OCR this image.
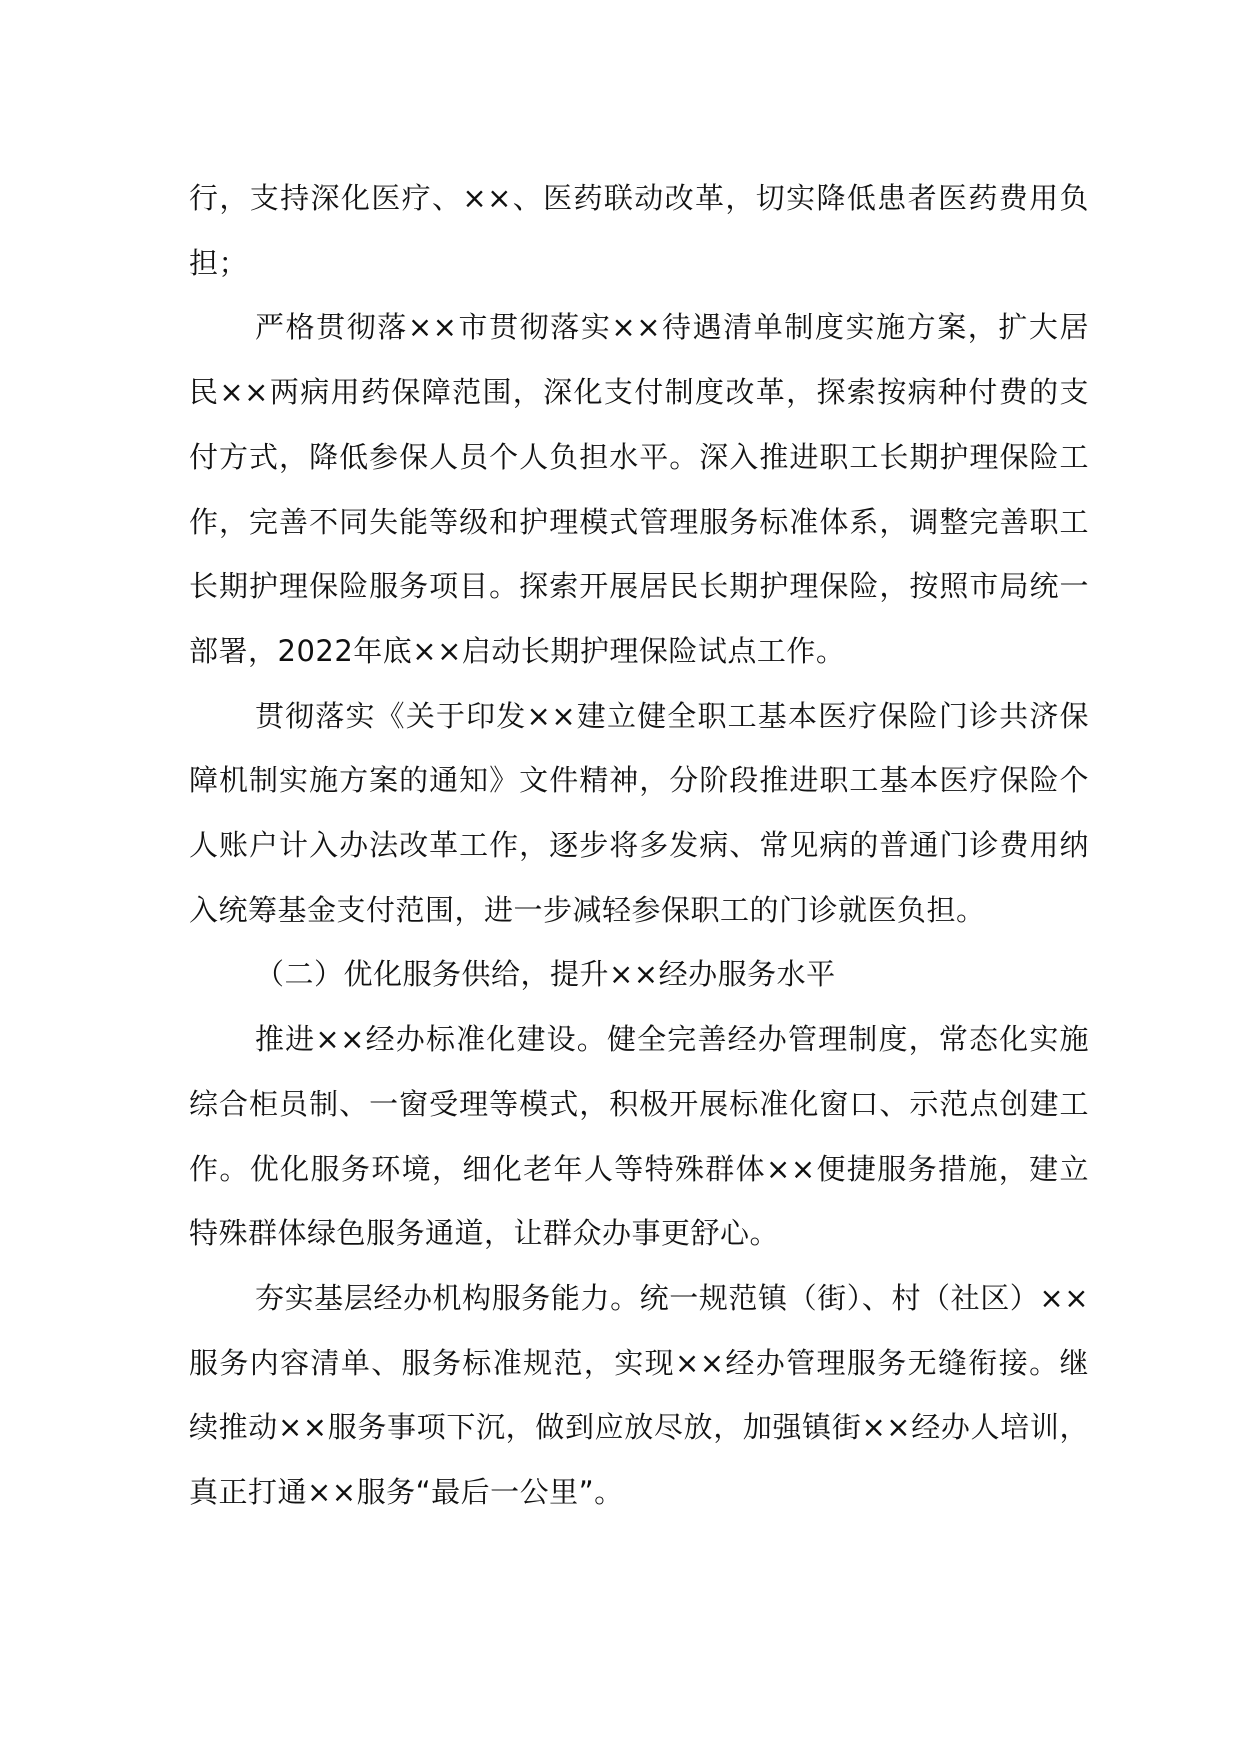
行，支持深化医疗、××、医药联动改革，切实降低患者医药费用负担；

严格贯彻落××市贯彻落实××待遇清单制度实施方案，扩大居民××两病用药保障范围，深化支付制度改革，探索按病种付费的支付方式，降低参保人员个人负担水平。深入推进职工长期护理保险工作，完善不同失能等级和护理模式管理服务标准体系，调整完善职工长期护理保险服务项目。探索开展居民长期护理保险，按照市局统一部署，2022年底××启动长期护理保险试点工作。

贯彻落实《关于印发××建立健全职工基本医疗保险门诊共济保障机制实施方案的通知》文件精神，分阶段推进职工基本医疗保险个人账户计入办法改革工作，逐步将多发病、常见病的普通门诊费用纳入统筹基金支付范围，进一步减轻参保职工的门诊就医负担。

（二）优化服务供给，提升××经办服务水平

推进××经办标准化建设。健全完善经办管理制度，常态化实施综合柜员制、一窗受理等模式，积极开展标准化窗口、示范点创建工作。优化服务环境，细化老年人等特殊群体××便捷服务措施，建立特殊群体绿色服务通道，让群众办事更舒心。

夯实基层经办机构服务能力。统一规范镇（街）、村（社区）××服务内容清单、服务标准规范，实现××经办管理服务无缝衔接。继续推动××服务事项下沉，做到应放尽放，加强镇街××经办人培训，真正打通××服务“最后一公里”。
